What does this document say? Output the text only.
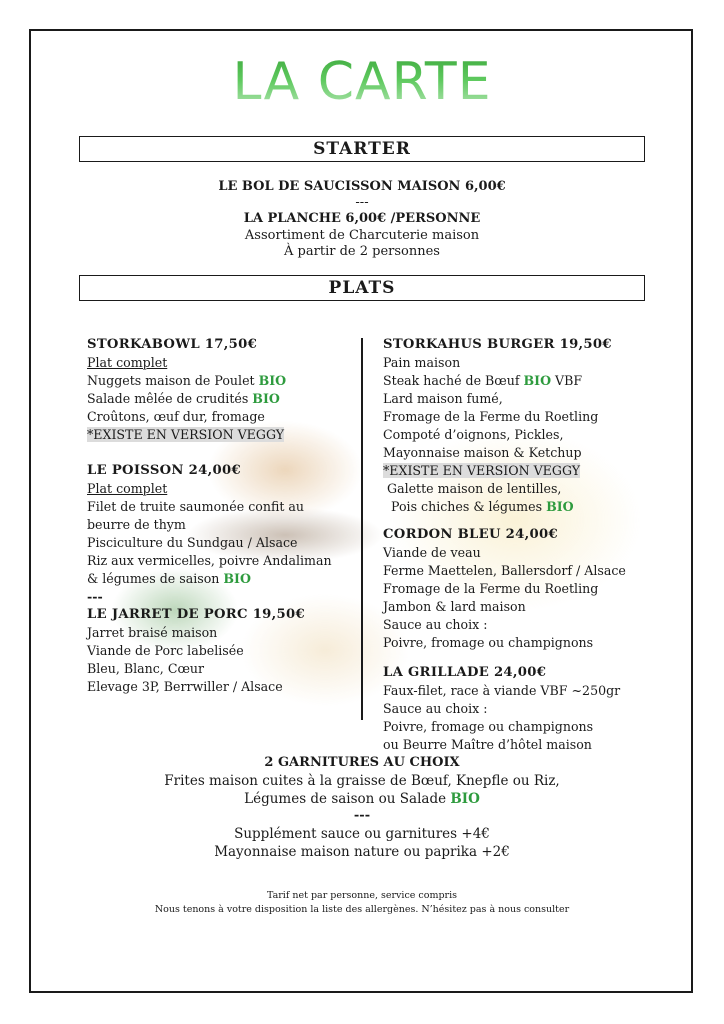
LA CARTE
STARTER
LE BOL DE SAUCISSON MAISON 6,00€
---
LA PLANCHE 6,00€ /PERSONNE
Assortiment de Charcuterie maison
À partir de 2 personnes
PLATS
STORKABOWL 17,50€
Plat complet
Nuggets maison de Poulet BIO
Salade mêlée de crudités BIO
Croûtons, œuf dur, fromage
*EXISTE EN VERSION VEGGY
LE POISSON 24,00€
Plat complet
Filet de truite saumonée confit au
beurre de thym
Pisciculture du Sundgau / Alsace
Riz aux vermicelles, poivre Andaliman
& légumes de saison BIO
---
LE JARRET DE PORC 19,50€
Jarret braisé maison
Viande de Porc labelisée
Bleu, Blanc, Cœur
Elevage 3P, Berrwiller / Alsace
STORKAHUS BURGER 19,50€
Pain maison
Steak haché de Bœuf BIO VBF
Lard maison fumé,
Fromage de la Ferme du Roetling
Compoté d’oignons, Pickles,
Mayonnaise maison & Ketchup
*EXISTE EN VERSION VEGGY
Galette maison de lentilles,
Pois chiches & légumes BIO
CORDON BLEU 24,00€
Viande de veau
Ferme Maettelen, Ballersdorf / Alsace
Fromage de la Ferme du Roetling
Jambon & lard maison
Sauce au choix :
Poivre, fromage ou champignons
LA GRILLADE 24,00€
Faux-filet, race à viande VBF ~250gr
Sauce au choix :
Poivre, fromage ou champignons
ou Beurre Maître d’hôtel maison
2 GARNITURES AU CHOIX
Frites maison cuites à la graisse de Bœuf, Knepfle ou Riz,
Légumes de saison ou Salade BIO
---
Supplément sauce ou garnitures +4€
Mayonnaise maison nature ou paprika +2€
Tarif net par personne, service compris
Nous tenons à votre disposition la liste des allergènes. N’hésitez pas à nous consulter
